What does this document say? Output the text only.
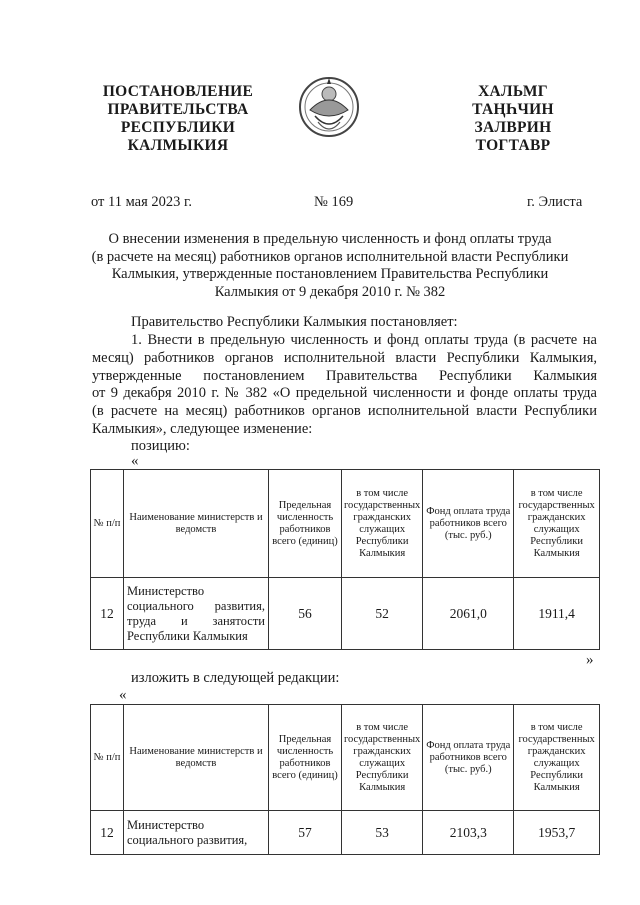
ПОСТАНОВЛЕНИЕ
ПРАВИТЕЛЬСТВА
РЕСПУБЛИКИ
КАЛМЫКИЯ
ХАЛЬМГ
ТАҢҺЧИН
ЗАЛВРИН
ТОГТАВР
от 11 мая 2023 г.	№ 169	г. Элиста
О внесении изменения в предельную численность и фонд оплаты труда
(в расчете на месяц) работников органов исполнительной власти Республики
Калмыкия, утвержденные постановлением Правительства Республики
Калмыкия от 9 декабря 2010 г. № 382
Правительство Республики Калмыкия постановляет:
1. Внести в предельную численность и фонд оплаты труда (в расчете на
месяц) работников органов исполнительной власти Республики Калмыкия,
утвержденные постановлением Правительства Республики Калмыкия
от 9 декабря 2010 г. № 382 «О предельной численности и фонде оплаты труда
(в расчете на месяц) работников органов исполнительной власти Республики
Калмыкия», следующее изменение:
позицию:
«
№ п/п	Наименование министерств и ведомств	Предельная численность работников всего (единиц)	в том числе государственных гражданских служащих Республики Калмыкия	Фонд оплата труда работников всего (тыс. руб.)	в том числе государственных гражданских служащих Республики Калмыкия
12	Министерство социального развития, труда и занятости Республики Калмыкия	56	52	2061,0	1911,4
»
изложить в следующей редакции:
«
№ п/п	Наименование министерств и ведомств	Предельная численность работников всего (единиц)	в том числе государственных гражданских служащих Республики Калмыкия	Фонд оплата труда работников всего (тыс. руб.)	в том числе государственных гражданских служащих Республики Калмыкия
12	Министерство социального развития,	57	53	2103,3	1953,7
